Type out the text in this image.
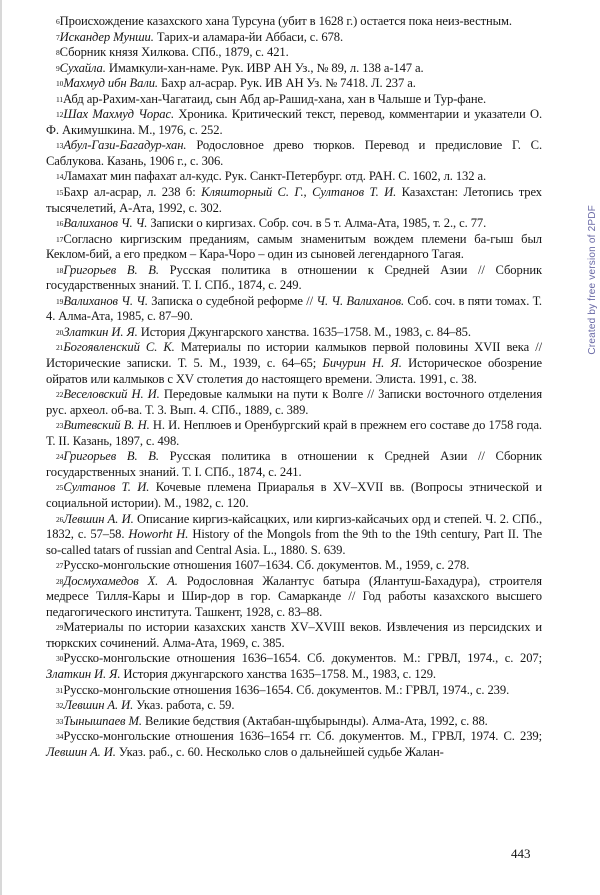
$^6$Происхождение казахского хана Турсуна (убит в 1628 г.) остается пока неиз-вестным.

$^7$Искандер Мунши. Тарих-и аламара-йи Аббаси, с. 678.

$^8$Сборник князя Хилкова. СПб., 1879, с. 421.

$^9$Сухайла. Имамкули-хан-наме. Рук. ИВР АН Уз., № 89, л. 138 а-147 а.

$^{10}$Махмуд ибн Вали. Бахр ал-асрар. Рук. ИВ АН Уз. № 7418. Л. 237 а.

$^{11}$Абд ар-Рахим-хан-Чагатаид, сын Абд ар-Рашид-хана, хан в Чалыше и Тур-фане.

$^{12}$Шах Махмуд Чорас. Хроника. Критический текст, перевод, комментарии и указатели О. Ф. Акимушкина. М., 1976, с. 252.

$^{13}$Абул-Гази-Багадур-хан. Родословное древо тюрков. Перевод и предисловие Г. С. Саблукова. Казань, 1906 г., с. 306.

$^{14}$Ламахат мин пафахат ал-кудс. Рук. Санкт-Петербург. отд. РАН. С. 1602, л. 132 а.

$^{15}$Бахр ал-асрар, л. 238 б: Кляшторный С. Г., Султанов Т. И. Казахстан: Летопись трех тысячелетий, А-Ата, 1992, с. 302.

$^{16}$Валиханов Ч. Ч. Записки о киргизах. Собр. соч. в 5 т. Алма-Ата, 1985, т. 2., с. 77.

$^{17}$Согласно киргизским преданиям, самым знаменитым вождем племени ба-гыш был Кеклом-бий, а его предком – Кара-Чоро – один из сыновей легендарного Тагая.

$^{18}$Григорьев В. В. Русская политика в отношении к Средней Азии // Сборник государственных знаний. Т. I. СПб., 1874, с. 249.

$^{19}$Валиханов Ч. Ч. Записка о судебной реформе // Ч. Ч. Валиханов. Соб. соч. в пяти томах. Т. 4. Алма-Ата, 1985, с. 87–90.

$^{20}$Златкин И. Я. История Джунгарского ханства. 1635–1758. М., 1983, с. 84–85.

$^{21}$Богоявленский С. К. Материалы по истории калмыков первой половины XVII века // Исторические записки. Т. 5. М., 1939, с. 64–65; Бичурин Н. Я. Историческое обозрение ойратов или калмыков с XV столетия до настоящего времени. Элиста. 1991, с. 38.

$^{22}$Веселовский Н. И. Передовые калмыки на пути к Волге // Записки восточного отделения рус. археол. об-ва. Т. 3. Вып. 4. СПб., 1889, с. 389.

$^{23}$Витевский В. Н. Н. И. Неплюев и Оренбургский край в прежнем его составе до 1758 года. Т. II. Казань, 1897, с. 498.

$^{24}$Григорьев В. В. Русская политика в отношении к Средней Азии // Сборник государственных знаний. Т. I. СПб., 1874, с. 241.

$^{25}$Султанов Т. И. Кочевые племена Приаралья в XV–XVII вв. (Вопросы этнической и социальной истории). М., 1982, с. 120.

$^{26}$Левшин А. И. Описание киргиз-кайсацких, или киргиз-кайсачьих орд и степей. Ч. 2. СПб., 1832, с. 57–58. Howorht H. History of the Mongols from the 9th to the 19th century, Part II. The so-called tatars of russian and Central Asia. L., 1880. S. 639.

$^{27}$Русско-монгольские отношения 1607–1634. Сб. документов. М., 1959, с. 278.

$^{28}$Досмухамедов Х. А. Родословная Жалантус батыра (Ялантуш-Бахадура), строителя медресе Тилля-Кары и Шир-дор в гор. Самарканде // Год работы казахского высшего педагогического института. Ташкент, 1928, с. 83–88.

$^{29}$Материалы по истории казахских ханств XV–XVIII веков. Извлечения из персидских и тюркских сочинений. Алма-Ата, 1969, с. 385.

$^{30}$Русско-монгольские отношения 1636–1654. Сб. документов. М.: ГРВЛ, 1974., с. 207; Златкин И. Я. История джунгарского ханства 1635–1758. М., 1983, с. 129.

$^{31}$Русско-монгольские отношения 1636–1654. Сб. документов. М.: ГРВЛ, 1974., с. 239.

$^{32}$Левшин А. И. Указ. работа, с. 59.

$^{33}$Тынышпаев М. Великие бедствия (Актабан-шұбырынды). Алма-Ата, 1992, с. 88.

$^{34}$Русско-монгольские отношения 1636–1654 гг. Сб. документов. М., ГРВЛ, 1974. С. 239; Левшин А. И. Указ. раб., с. 60. Несколько слов о дальнейшей судьбе Жалан-

Created by free version of 2PDF
443
